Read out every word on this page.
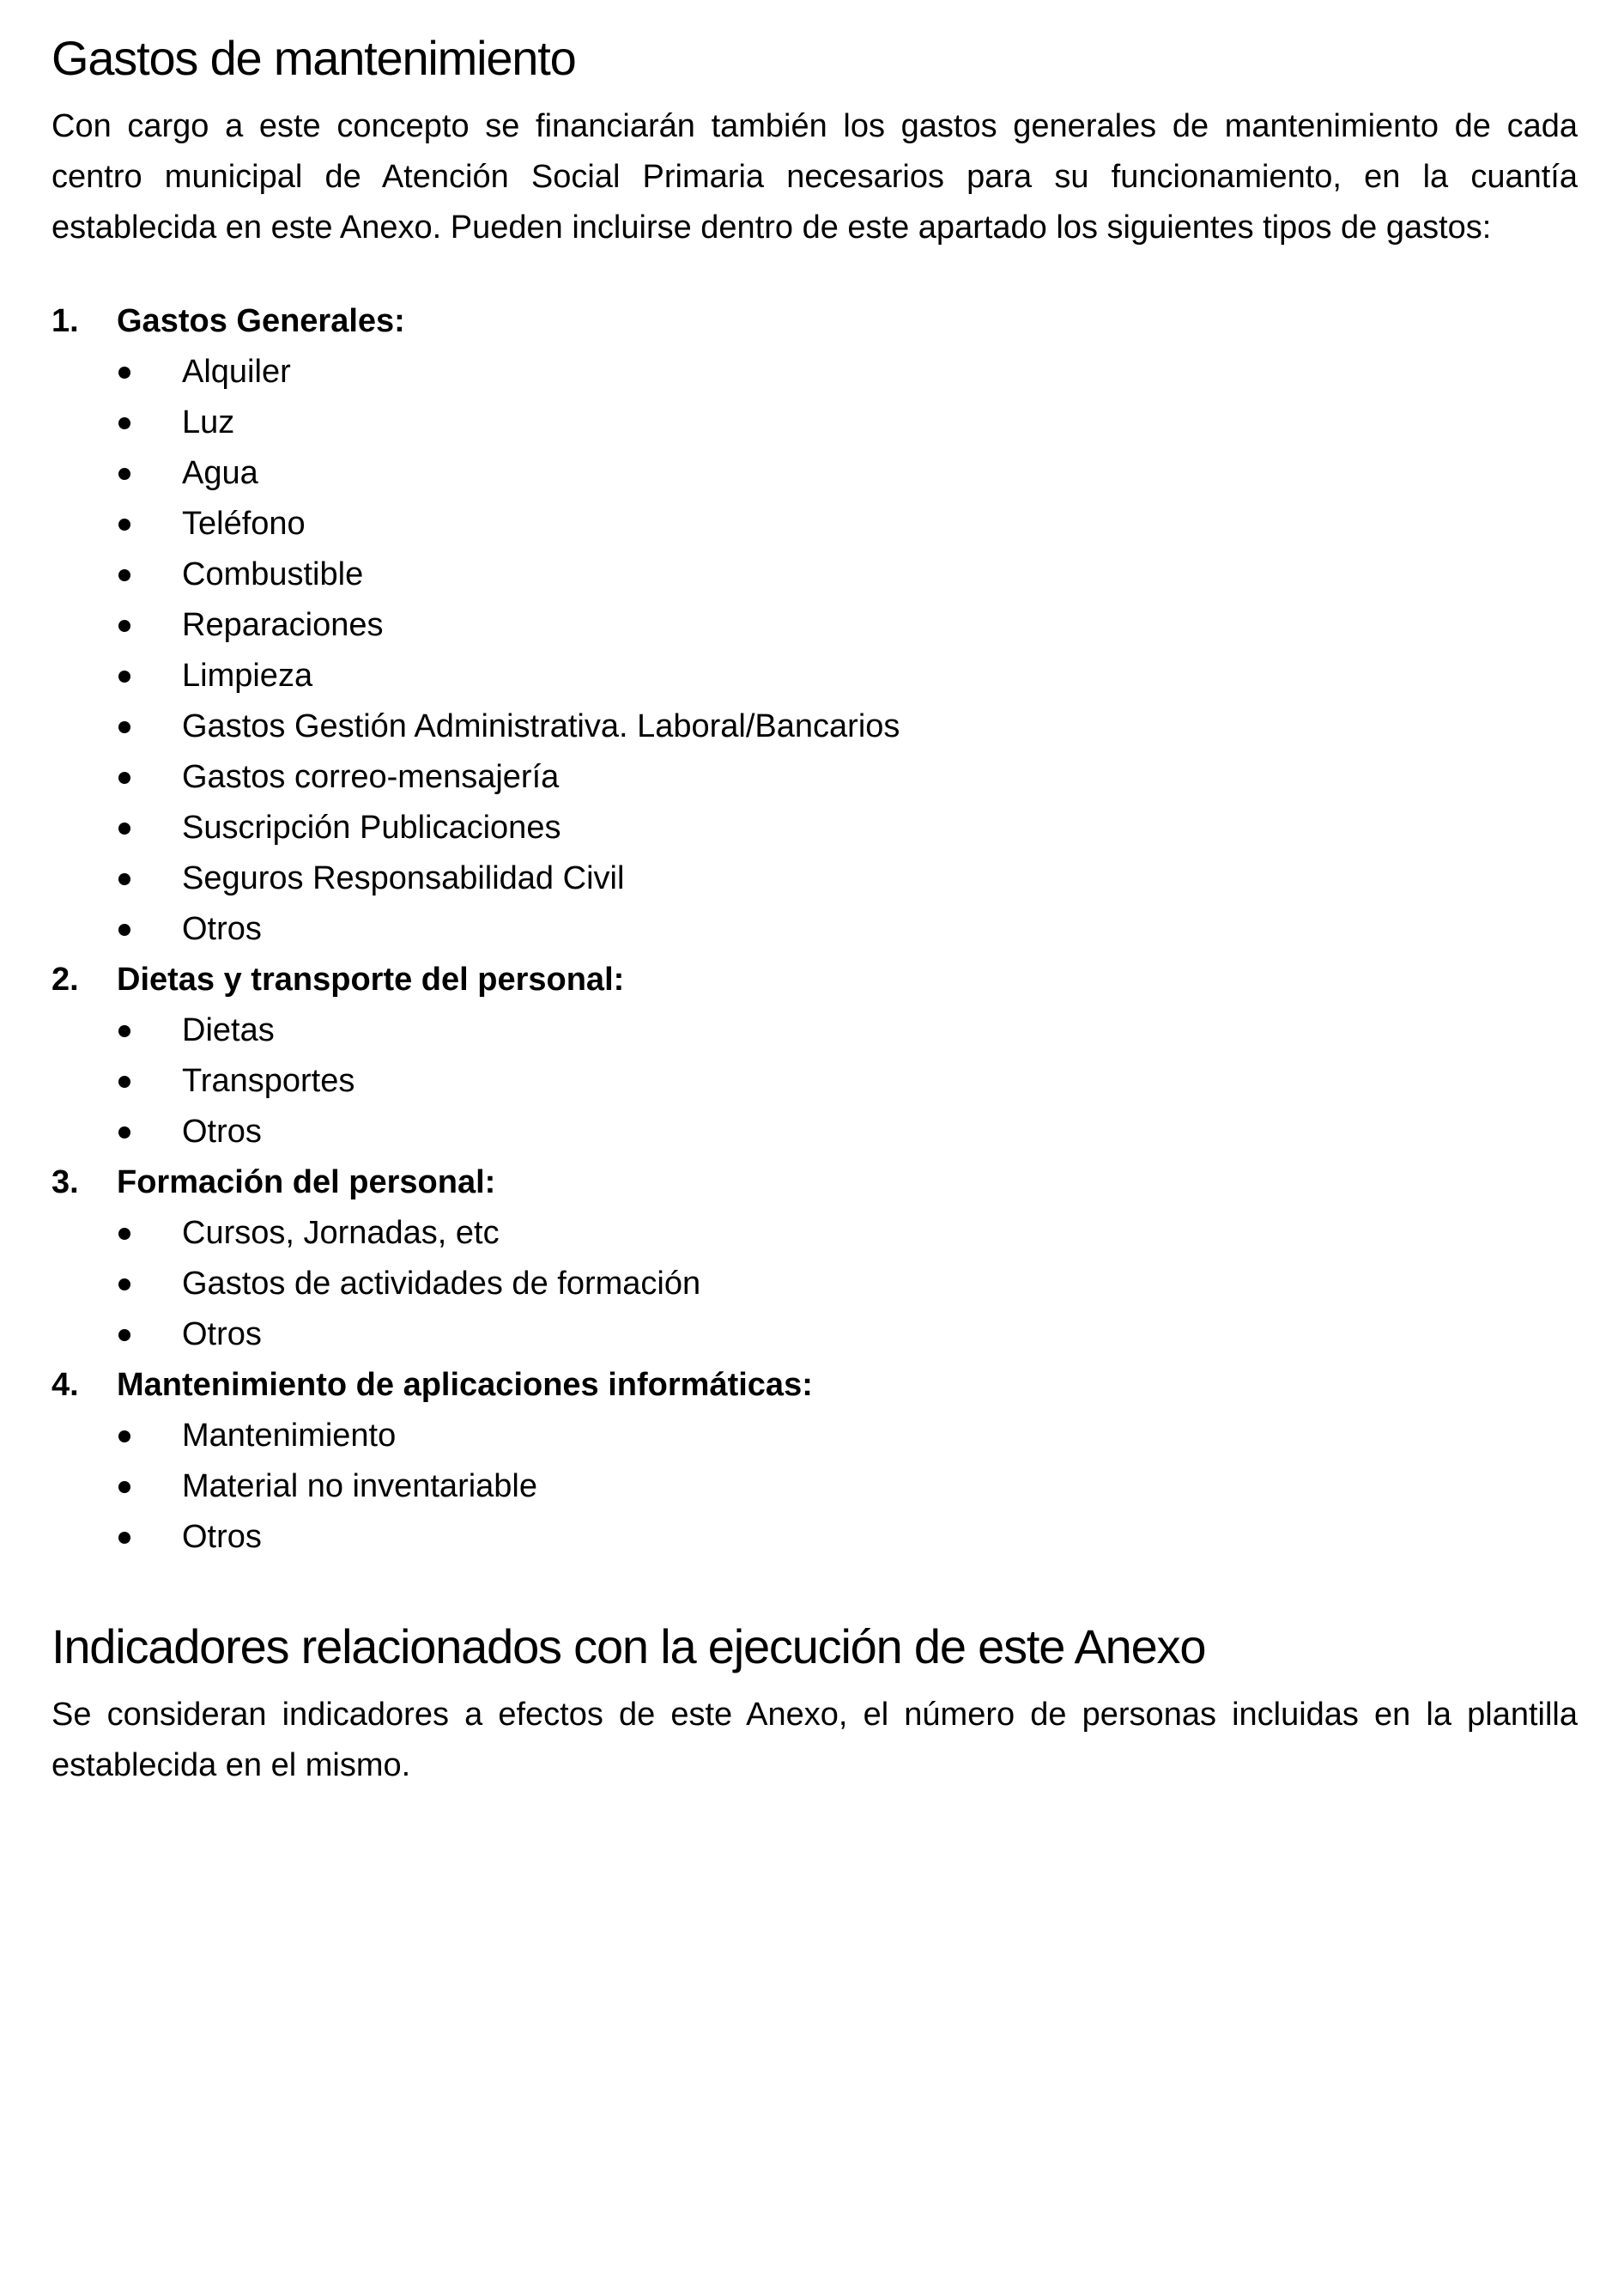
Gastos de mantenimiento

Con cargo a este concepto se financiarán también los gastos generales de mantenimiento de cada centro municipal de Atención Social Primaria necesarios para su funcionamiento, en la cuantía establecida en este Anexo. Pueden incluirse dentro de este apartado los siguientes tipos de gastos:

1.	Gastos Generales:
Alquiler
Luz
Agua
Teléfono
Combustible
Reparaciones
Limpieza
Gastos Gestión Administrativa. Laboral/Bancarios
Gastos correo-mensajería
Suscripción Publicaciones
Seguros Responsabilidad Civil
Otros
2.	Dietas y transporte del personal:
Dietas
Transportes
Otros
3.	Formación del personal:
Cursos, Jornadas, etc
Gastos de actividades de formación
Otros
4.	Mantenimiento de aplicaciones informáticas:
Mantenimiento
Material no inventariable
Otros
Indicadores relacionados con la ejecución de este Anexo

Se consideran indicadores a efectos de este Anexo, el número de personas incluidas en la plantilla establecida en el mismo.
